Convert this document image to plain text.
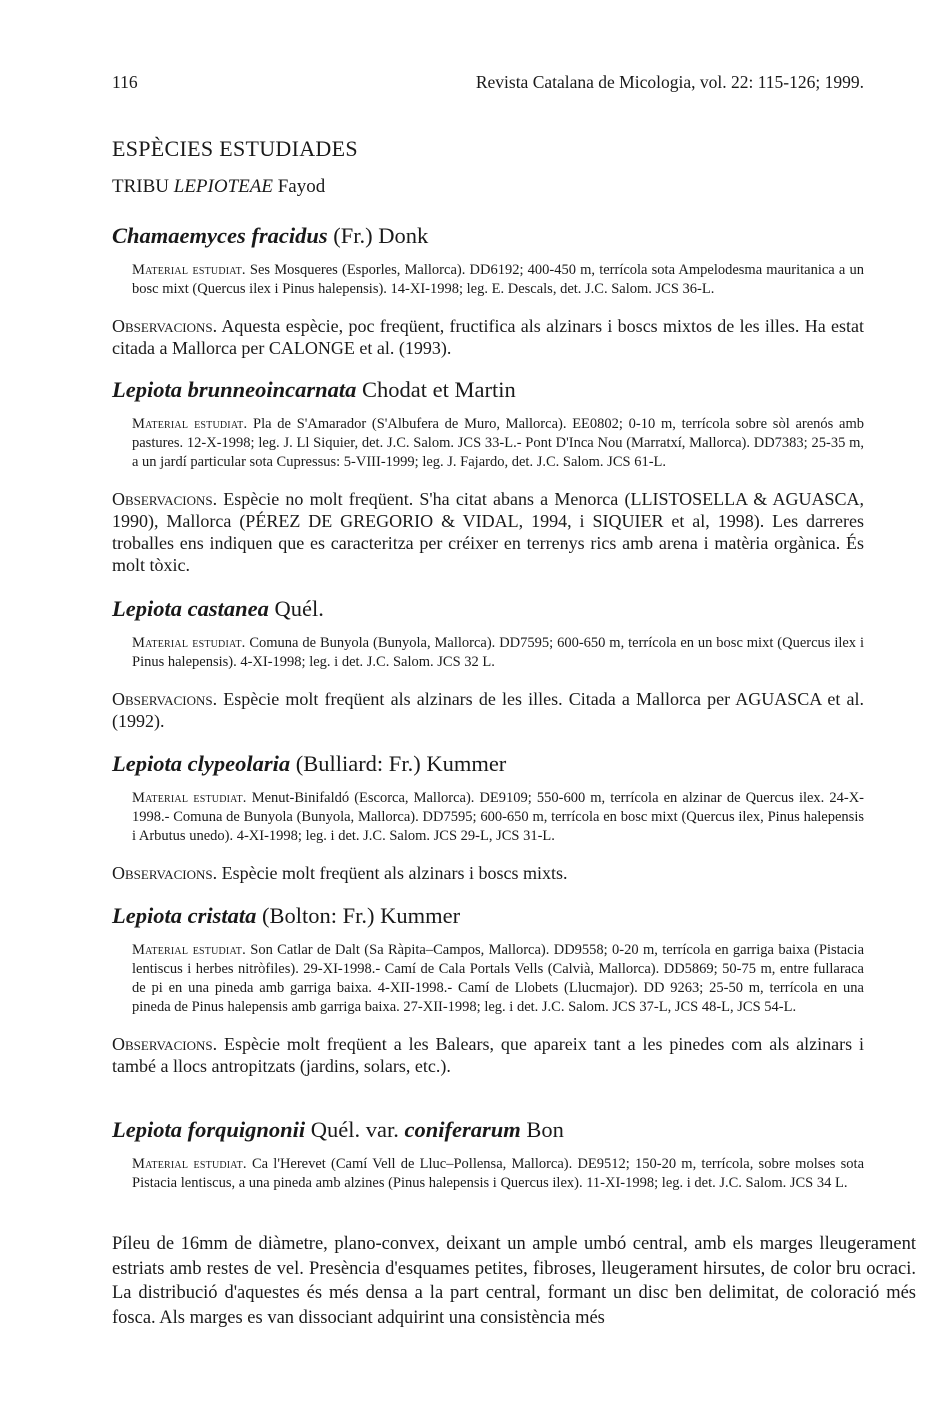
116	Revista Catalana de Micologia, vol. 22: 115-126; 1999.
ESPÈCIES ESTUDIADES
TRIBU LEPIOTEAE Fayod
Chamaemyces fracidus (Fr.) Donk
Material estudiat. Ses Mosqueres (Esporles, Mallorca). DD6192; 400-450 m, terrícola sota Ampelodesma mauritanica a un bosc mixt (Quercus ilex i Pinus halepensis). 14-XI-1998; leg. E. Descals, det. J.C. Salom. JCS 36-L.
Observacions. Aquesta espècie, poc freqüent, fructifica als alzinars i boscs mixtos de les illes. Ha estat citada a Mallorca per CALONGE et al. (1993).
Lepiota brunneoincarnata Chodat et Martin
Material estudiat. Pla de S'Amarador (S'Albufera de Muro, Mallorca). EE0802; 0-10 m, terrícola sobre sòl arenós amb pastures. 12-X-1998; leg. J. Ll Siquier, det. J.C. Salom. JCS 33-L.- Pont D'Inca Nou (Marratxí, Mallorca). DD7383; 25-35 m, a un jardí particular sota Cupressus: 5-VIII-1999; leg. J. Fajardo, det. J.C. Salom. JCS 61-L.
Observacions. Espècie no molt freqüent. S'ha citat abans a Menorca (LLISTOSELLA & AGUASCA, 1990), Mallorca (PÉREZ DE GREGORIO & VIDAL, 1994, i SIQUIER et al, 1998). Les darreres troballes ens indiquen que es caracteritza per créixer en terrenys rics amb arena i matèria orgànica. És molt tòxic.
Lepiota castanea Quél.
Material estudiat. Comuna de Bunyola (Bunyola, Mallorca). DD7595; 600-650 m, terrícola en un bosc mixt (Quercus ilex i Pinus halepensis). 4-XI-1998; leg. i det. J.C. Salom. JCS 32 L.
Observacions. Espècie molt freqüent als alzinars de les illes. Citada a Mallorca per AGUASCA et al. (1992).
Lepiota clypeolaria (Bulliard: Fr.) Kummer
Material estudiat. Menut-Binifaldó (Escorca, Mallorca). DE9109; 550-600 m, terrícola en alzinar de Quercus ilex. 24-X-1998.- Comuna de Bunyola (Bunyola, Mallorca). DD7595; 600-650 m, terrícola en bosc mixt (Quercus ilex, Pinus halepensis i Arbutus unedo). 4-XI-1998; leg. i det. J.C. Salom. JCS 29-L, JCS 31-L.
Observacions. Espècie molt freqüent als alzinars i boscs mixts.
Lepiota cristata (Bolton: Fr.) Kummer
Material estudiat. Son Catlar de Dalt (Sa Ràpita–Campos, Mallorca). DD9558; 0-20 m, terrícola en garriga baixa (Pistacia lentiscus i herbes nitròfiles). 29-XI-1998.- Camí de Cala Portals Vells (Calvià, Mallorca). DD5869; 50-75 m, entre fullaraca de pi en una pineda amb garriga baixa. 4-XII-1998.- Camí de Llobets (Llucmajor). DD 9263; 25-50 m, terrícola en una pineda de Pinus halepensis amb garriga baixa. 27-XII-1998; leg. i det. J.C. Salom. JCS 37-L, JCS 48-L, JCS 54-L.
Observacions. Espècie molt freqüent a les Balears, que apareix tant a les pinedes com als alzinars i també a llocs antropitzats (jardins, solars, etc.).
Lepiota forquignonii Quél. var. coniferarum Bon
Material estudiat. Ca l'Herevet (Camí Vell de Lluc–Pollensa, Mallorca). DE9512; 150-20 m, terrícola, sobre molses sota Pistacia lentiscus, a una pineda amb alzines (Pinus halepensis i Quercus ilex). 11-XI-1998; leg. i det. J.C. Salom. JCS 34 L.
Píleu de 16mm de diàmetre, plano-convex, deixant un ample umbó central, amb els marges lleugerament estriats amb restes de vel. Presència d'esquames petites, fibroses, lleugerament hirsutes, de color bru ocraci. La distribució d'aquestes és més densa a la part central, formant un disc ben delimitat, de coloració més fosca. Als marges es van dissociant adquirint una consistència més
